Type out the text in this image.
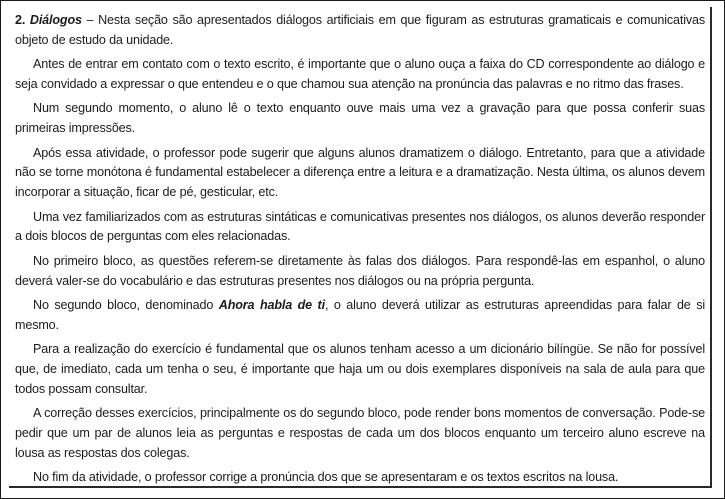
2. Diálogos – Nesta seção são apresentados diálogos artificiais em que figuram as estruturas gramaticais e comunicativas objeto de estudo da unidade.

Antes de entrar em contato com o texto escrito, é importante que o aluno ouça a faixa do CD correspondente ao diálogo e seja convidado a expressar o que entendeu e o que chamou sua atenção na pronúncia das palavras e no ritmo das frases.

Num segundo momento, o aluno lê o texto enquanto ouve mais uma vez a gravação para que possa conferir suas primeiras impressões.

Após essa atividade, o professor pode sugerir que alguns alunos dramatizem o diálogo. Entretanto, para que a atividade não se torne monótona é fundamental estabelecer a diferença entre a leitura e a dramatização. Nesta última, os alunos devem incorporar a situação, ficar de pé, gesticular, etc.

Uma vez familiarizados com as estruturas sintáticas e comunicativas presentes nos diálogos, os alunos deverão responder a dois blocos de perguntas com eles relacionadas.

No primeiro bloco, as questões referem-se diretamente às falas dos diálogos. Para respondê-las em espanhol, o aluno deverá valer-se do vocabulário e das estruturas presentes nos diálogos ou na própria pergunta.

No segundo bloco, denominado Ahora habla de ti, o aluno deverá utilizar as estruturas apreendidas para falar de si mesmo.

Para a realização do exercício é fundamental que os alunos tenham acesso a um dicionário bilíngüe. Se não for possível que, de imediato, cada um tenha o seu, é importante que haja um ou dois exemplares disponíveis na sala de aula para que todos possam consultar.

A correção desses exercícios, principalmente os do segundo bloco, pode render bons momentos de conversação. Pode-se pedir que um par de alunos leia as perguntas e respostas de cada um dos blocos enquanto um terceiro aluno escreve na lousa as respostas dos colegas.

No fim da atividade, o professor corrige a pronúncia dos que se apresentaram e os textos escritos na lousa.
